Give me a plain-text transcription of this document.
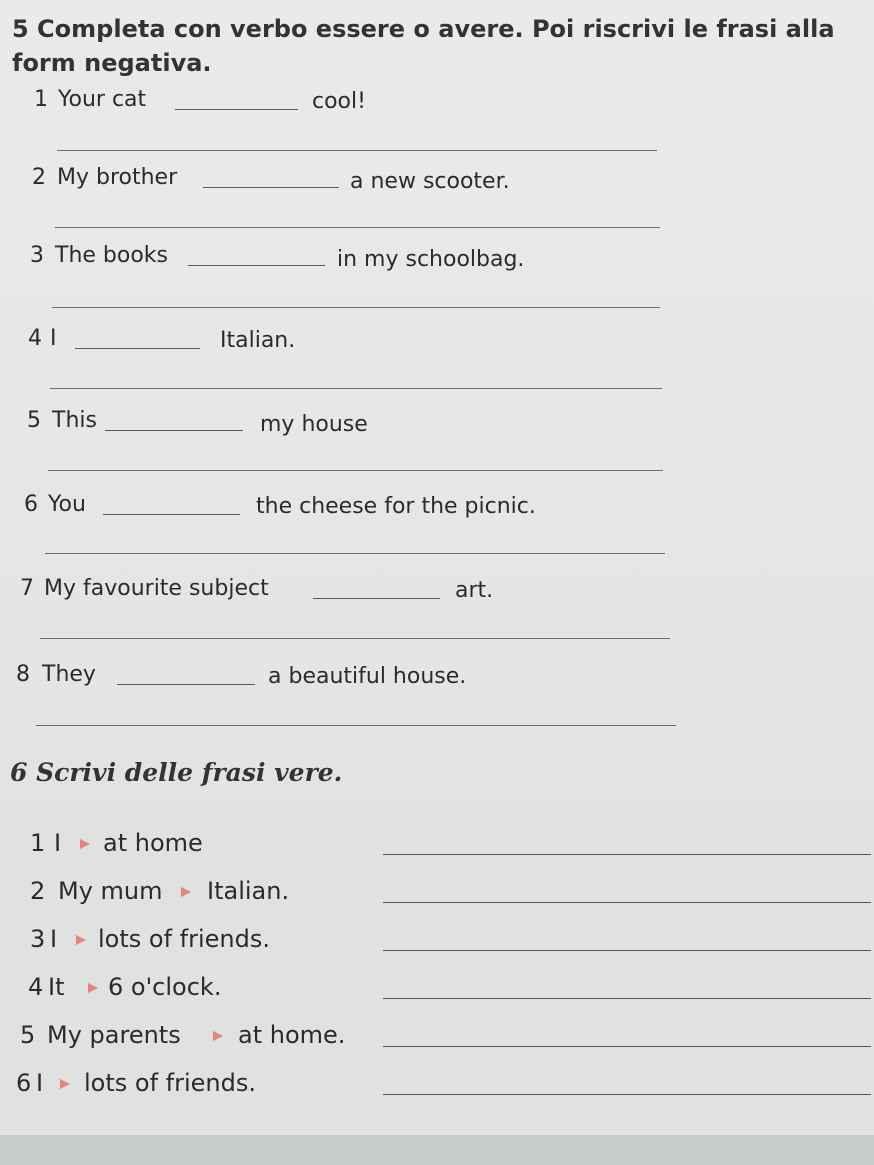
5 Completa con verbo essere o avere. Poi riscrivi le frasi alla form negativa.
1 Your cat	cool!
2 My brother	a new scooter.
3 The books	in my schoolbag.
4 I	Italian.
5 This	my house
6 You	the cheese for the picnic.
7 My favourite subject	art.
8 They	a beautiful house.
6 Scrivi delle frasi vere.
1 I at home
2 My mum Italian.
3 I lots of friends.
4 It 6 o'clock.
5 My parents at home.
6 I lots of friends.
